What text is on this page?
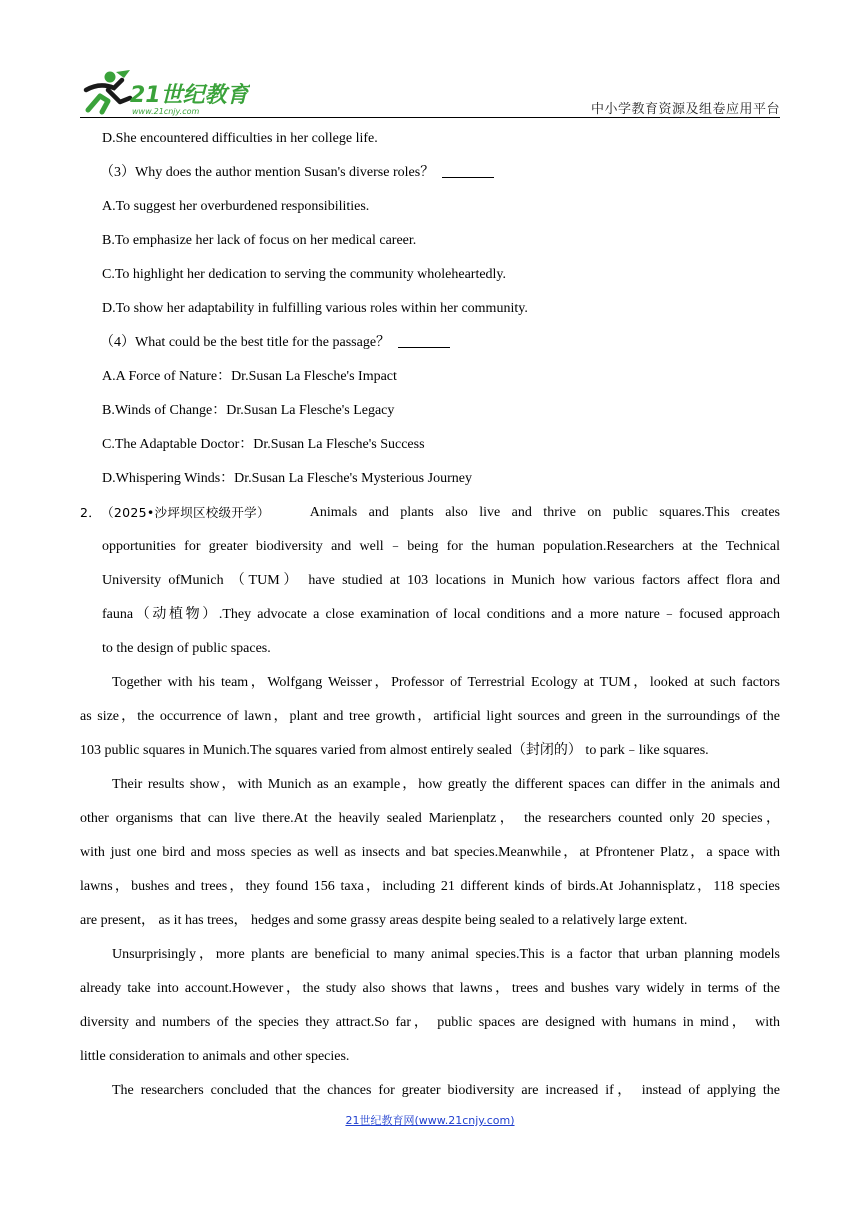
21世纪教育
www.21cnjy.com	中小学教育资源及组卷应用平台
D.She encountered difficulties in her college life.
（3）Why does the author mention Susan's diverse roles？
A.To suggest her overburdened responsibilities.
B.To emphasize her lack of focus on her medical career.
C.To highlight her dedication to serving the community wholeheartedly.
D.To show her adaptability in fulfilling various roles within her community.
（4）What could be the best title for the passage？
A.A Force of Nature：Dr.Susan La Flesche's Impact
B.Winds of Change：Dr.Susan La Flesche's Legacy
C.The Adaptable Doctor：Dr.Susan La Flesche's Success
D.Whispering Winds：Dr.Susan La Flesche's Mysterious Journey
2． （2025•沙坪坝区校级开学）	Animals and plants also live and thrive on public squares.This creates
opportunities for greater biodiversity and well﹣being for the human population.Researchers at the Technical
University ofMunich （TUM） have studied at 103 locations in Munich how various factors affect flora and
fauna（动植物）.They advocate a close examination of local conditions and a more nature﹣focused approach
to the design of public spaces.
Together with his team，Wolfgang Weisser，Professor of Terrestrial Ecology at TUM，looked at such factors
as size，the occurrence of lawn，plant and tree growth，artificial light sources and green in the surroundings of the
103 public squares in Munich.The squares varied from almost entirely sealed（封闭的） to park﹣like squares.
Their results show，with Munich as an example，how greatly the different spaces can differ in the animals and
other organisms that can live there.At the heavily sealed Marienplatz， the researchers counted only 20 species，
with just one bird and moss species as well as insects and bat species.Meanwhile，at Pfrontener Platz，a space with
lawns，bushes and trees，they found 156 taxa，including 21 different kinds of birds.At Johannisplatz，118 species
are present， as it has trees， hedges and some grassy areas despite being sealed to a relatively large extent.
Unsurprisingly，more plants are beneficial to many animal species.This is a factor that urban planning models
already take into account.However，the study also shows that lawns，trees and bushes vary widely in terms of the
diversity and numbers of the species they attract.So far， public spaces are designed with humans in mind， with
little consideration to animals and other species.
The researchers concluded that the chances for greater biodiversity are increased if， instead of applying the
21世纪教育网(www.21cnjy.com)
